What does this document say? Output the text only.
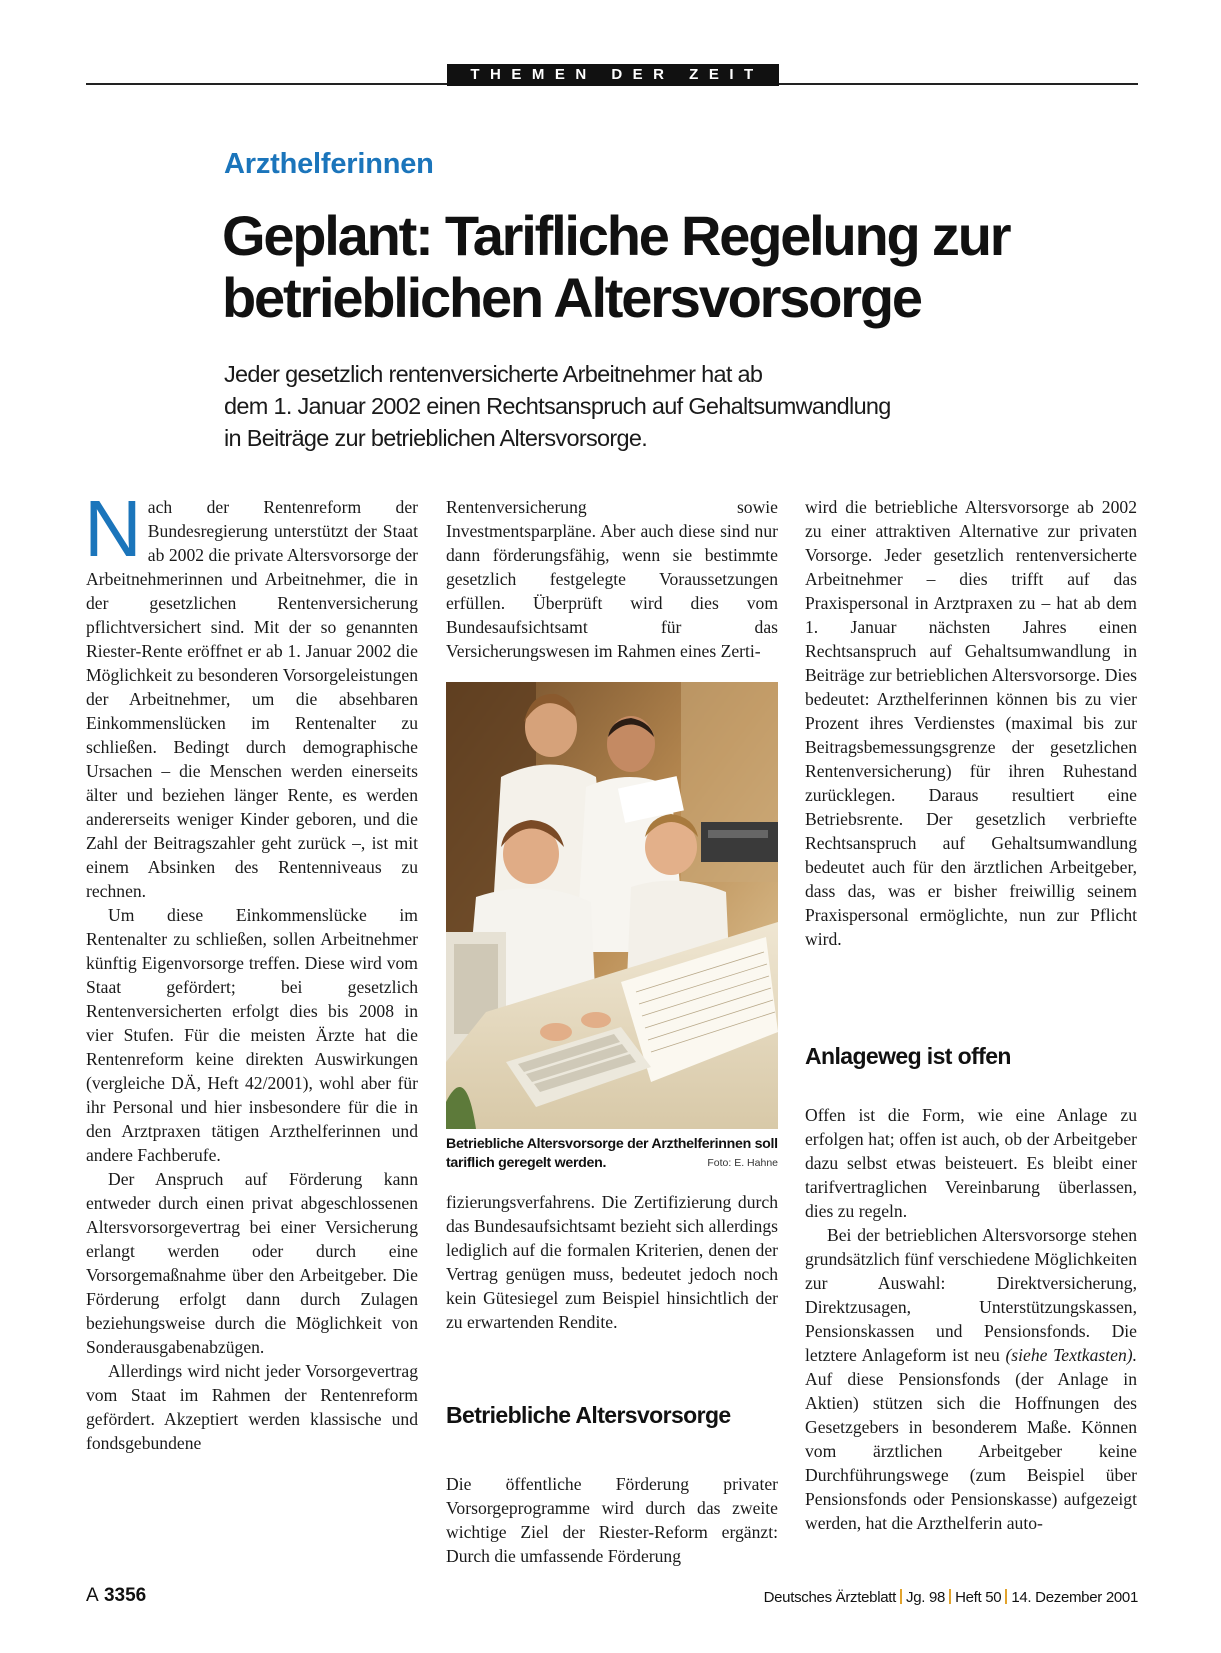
THEMEN DER ZEIT
Arzthelferinnen
Geplant: Tarifliche Regelung zur
betrieblichen Altersvorsorge
Jeder gesetzlich rentenversicherte Arbeitnehmer hat ab
dem 1. Januar 2002 einen Rechtsanspruch auf Gehaltsumwandlung
in Beiträge zur betrieblichen Altersvorsorge.

Nach der Rentenreform der Bundesregierung unterstützt der Staat ab 2002 die private Altersvorsorge der Arbeitnehmerinnen und Arbeitnehmer, die in der gesetzlichen Rentenversicherung pflichtversichert sind. Mit der so genannten Riester-Rente eröffnet er ab 1. Januar 2002 die Möglichkeit zu besonderen Vorsorgeleistungen der Arbeitnehmer, um die absehbaren Einkommenslücken im Rentenalter zu schließen. Bedingt durch demographische Ursachen – die Menschen werden einerseits älter und beziehen länger Rente, es werden andererseits weniger Kinder geboren, und die Zahl der Beitragszahler geht zurück –, ist mit einem Absinken des Rentenniveaus zu rechnen.

Um diese Einkommenslücke im Rentenalter zu schließen, sollen Arbeitnehmer künftig Eigenvorsorge treffen. Diese wird vom Staat gefördert; bei gesetzlich Rentenversicherten erfolgt dies bis 2008 in vier Stufen. Für die meisten Ärzte hat die Rentenreform keine direkten Auswirkungen (vergleiche DÄ, Heft 42/2001), wohl aber für ihr Personal und hier insbesondere für die in den Arztpraxen tätigen Arzthelferinnen und andere Fachberufe.

Der Anspruch auf Förderung kann entweder durch einen privat abgeschlossenen Altersvorsorgevertrag bei einer Versicherung erlangt werden oder durch eine Vorsorgemaßnahme über den Arbeitgeber. Die Förderung erfolgt dann durch Zulagen beziehungsweise durch die Möglichkeit von Sonderausgabenabzügen.

Allerdings wird nicht jeder Vorsorgevertrag vom Staat im Rahmen der Rentenreform gefördert. Akzeptiert werden klassische und fondsgebundene

Rentenversicherung sowie Investmentsparpläne. Aber auch diese sind nur dann förderungsfähig, wenn sie bestimmte gesetzlich festgelegte Voraussetzungen erfüllen. Überprüft wird dies vom Bundesaufsichtsamt für das Versicherungswesen im Rahmen eines Zerti-

Betriebliche Altersvorsorge der Arzthelferinnen soll tariflich geregelt werden.	Foto: E. Hahne

fizierungsverfahrens. Die Zertifizierung durch das Bundesaufsichtsamt bezieht sich allerdings lediglich auf die formalen Kriterien, denen der Vertrag genügen muss, bedeutet jedoch noch kein Gütesiegel zum Beispiel hinsichtlich der zu erwartenden Rendite.

Betriebliche Altersvorsorge

Die öffentliche Förderung privater Vorsorgeprogramme wird durch das zweite wichtige Ziel der Riester-Reform ergänzt: Durch die umfassende Förderung

wird die betriebliche Altersvorsorge ab 2002 zu einer attraktiven Alternative zur privaten Vorsorge. Jeder gesetzlich rentenversicherte Arbeitnehmer – dies trifft auf das Praxispersonal in Arztpraxen zu – hat ab dem 1. Januar nächsten Jahres einen Rechtsanspruch auf Gehaltsumwandlung in Beiträge zur betrieblichen Altersvorsorge. Dies bedeutet: Arzthelferinnen können bis zu vier Prozent ihres Verdienstes (maximal bis zur Beitragsbemessungsgrenze der gesetzlichen Rentenversicherung) für ihren Ruhestand zurücklegen. Daraus resultiert eine Betriebsrente. Der gesetzlich verbriefte Rechtsanspruch auf Gehaltsumwandlung bedeutet auch für den ärztlichen Arbeitgeber, dass das, was er bisher freiwillig seinem Praxispersonal ermöglichte, nun zur Pflicht wird.

Anlageweg ist offen

Offen ist die Form, wie eine Anlage zu erfolgen hat; offen ist auch, ob der Arbeitgeber dazu selbst etwas beisteuert. Es bleibt einer tarifvertraglichen Vereinbarung überlassen, dies zu regeln.

Bei der betrieblichen Altersvorsorge stehen grundsätzlich fünf verschiedene Möglichkeiten zur Auswahl: Direktversicherung, Direktzusagen, Unterstützungskassen, Pensionskassen und Pensionsfonds. Die letztere Anlageform ist neu (siehe Textkasten). Auf diese Pensionsfonds (der Anlage in Aktien) stützen sich die Hoffnungen des Gesetzgebers in besonderem Maße. Können vom ärztlichen Arbeitgeber keine Durchführungswege (zum Beispiel über Pensionsfonds oder Pensionskasse) aufgezeigt werden, hat die Arzthelferin auto-

A 3356	Deutsches Ärzteblatt Jg. 98 Heft 50 14. Dezember 2001
